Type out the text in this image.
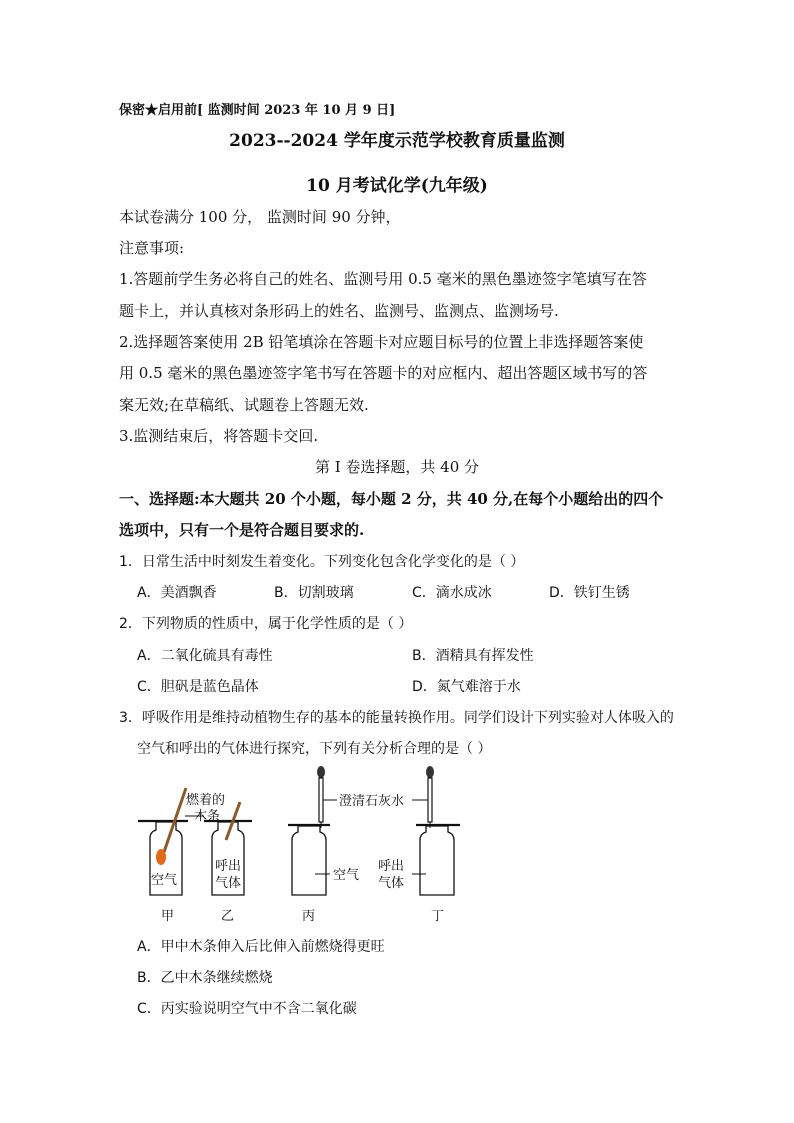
保密★启用前[ 监测时间 2023 年 10 月 9 日]
2023--2024 学年度示范学校教育质量监测
10 月考试化学(九年级)
本试卷满分 100 分， 监测时间 90 分钟，
注意事项:
1.答题前学生务必将自己的姓名、监测号用 0.5 毫米的黑色墨迹签字笔填写在答
题卡上，并认真核对条形码上的姓名、监测号、监测点、监测场号.
2.选择题答案使用 2B 铅笔填涂在答题卡对应题目标号的位置上非选择题答案使
用 0.5 毫米的黑色墨迹签字笔书写在答题卡的对应框内、超出答题区域书写的答
案无效;在草稿纸、试题卷上答题无效.
3.监测结束后，将答题卡交回.
第 I 卷选择题，共 40 分
一、选择题:本大题共 20 个小题，每小题 2 分，共 40 分,在每个小题给出的四个
选项中，只有一个是符合题目要求的.
1．日常生活中时刻发生着变化。下列变化包含化学变化的是（ ）
A．美酒飘香	B．切割玻璃	C．滴水成冰	D．铁钉生锈
2．下列物质的性质中，属于化学性质的是（ ）
A．二氧化硫具有毒性	B．酒精具有挥发性
C．胆矾是蓝色晶体	D．氮气难溶于水
3．呼吸作用是维持动植物生存的基本的能量转换作用。同学们设计下列实验对人体吸入的
空气和呼出的气体进行探究，下列有关分析合理的是（ ）
燃着的
木条
澄清石灰水
空气
呼出
气体
空气
呼出
气体
甲	乙	丙	丁
A．甲中木条伸入后比伸入前燃烧得更旺
B．乙中木条继续燃烧
C．丙实验说明空气中不含二氧化碳
